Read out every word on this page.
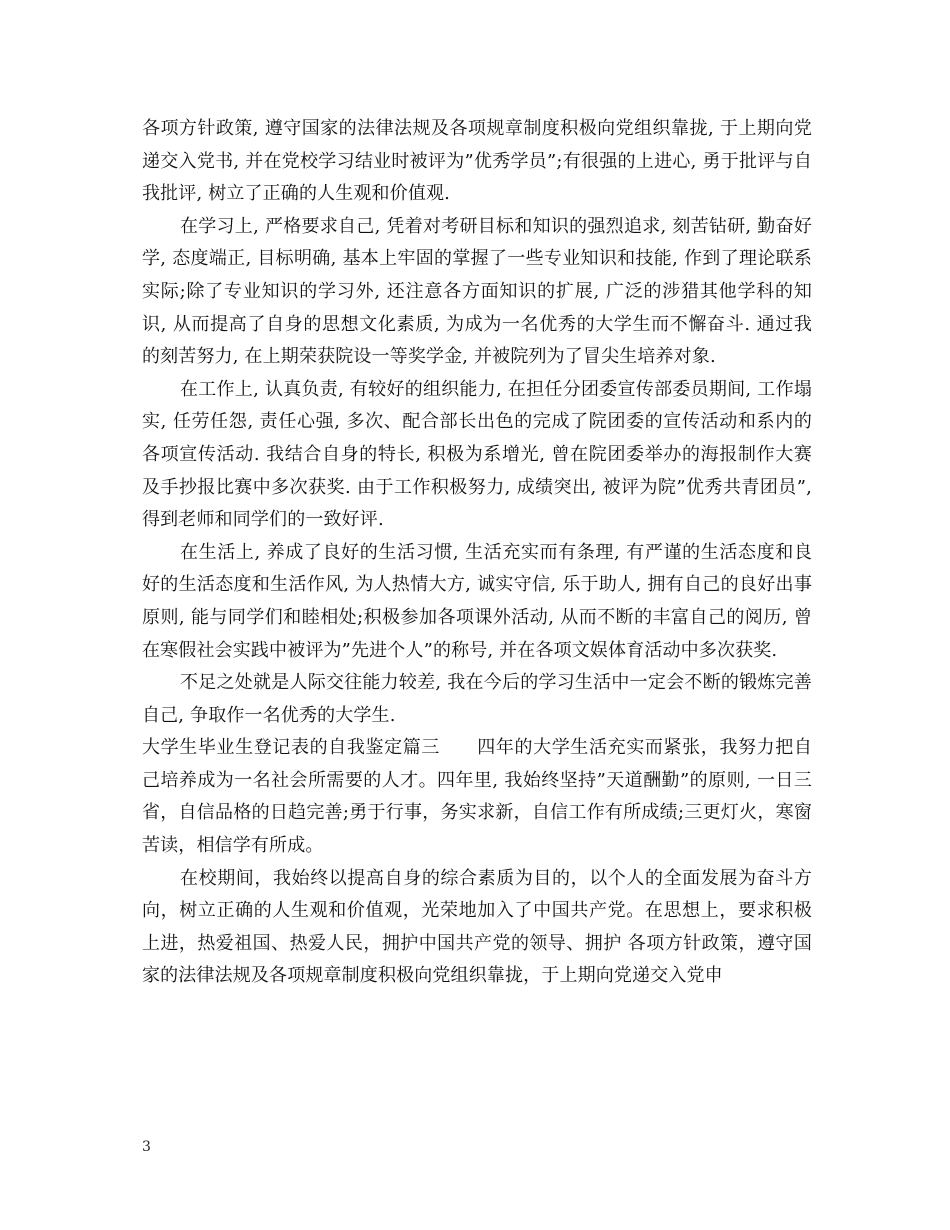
各项方针政策, 遵守国家的法律法规及各项规章制度积极向党组织靠拢, 于上期向党递交入党书, 并在党校学习结业时被评为”优秀学员”;有很强的上进心, 勇于批评与自我批评, 树立了正确的人生观和价值观.

在学习上, 严格要求自己, 凭着对考研目标和知识的强烈追求, 刻苦钻研, 勤奋好学, 态度端正, 目标明确, 基本上牢固的掌握了一些专业知识和技能, 作到了理论联系实际;除了专业知识的学习外, 还注意各方面知识的扩展, 广泛的涉猎其他学科的知识, 从而提高了自身的思想文化素质, 为成为一名优秀的大学生而不懈奋斗. 通过我的刻苦努力, 在上期荣获院设一等奖学金, 并被院列为了冒尖生培养对象.

在工作上, 认真负责, 有较好的组织能力, 在担任分团委宣传部委员期间, 工作塌实, 任劳任怨, 责任心强, 多次、配合部长出色的完成了院团委的宣传活动和系内的各项宣传活动. 我结合自身的特长, 积极为系增光, 曾在院团委举办的海报制作大赛及手抄报比赛中多次获奖. 由于工作积极努力, 成绩突出, 被评为院”优秀共青团员”, 得到老师和同学们的一致好评.

在生活上, 养成了良好的生活习惯, 生活充实而有条理, 有严谨的生活态度和良好的生活态度和生活作风, 为人热情大方, 诚实守信, 乐于助人, 拥有自己的良好出事原则, 能与同学们和睦相处;积极参加各项课外活动, 从而不断的丰富自己的阅历, 曾在寒假社会实践中被评为”先进个人”的称号, 并在各项文娱体育活动中多次获奖.

不足之处就是人际交往能力较差, 我在今后的学习生活中一定会不断的锻炼完善自己, 争取作一名优秀的大学生.

大学生毕业生登记表的自我鉴定篇三　　四年的大学生活充实而紧张，我努力把自己培养成为一名社会所需要的人才。四年里, 我始终坚持”天道酬勤”的原则, 一日三省，自信品格的日趋完善;勇于行事，务实求新，自信工作有所成绩;三更灯火，寒窗苦读，相信学有所成。

在校期间，我始终以提高自身的综合素质为目的，以个人的全面发展为奋斗方向，树立正确的人生观和价值观，光荣地加入了中国共产党。在思想上，要求积极上进，热爱祖国、热爱人民，拥护中国共产党的领导、拥护 各项方针政策，遵守国家的法律法规及各项规章制度积极向党组织靠拢，于上期向党递交入党申

3
